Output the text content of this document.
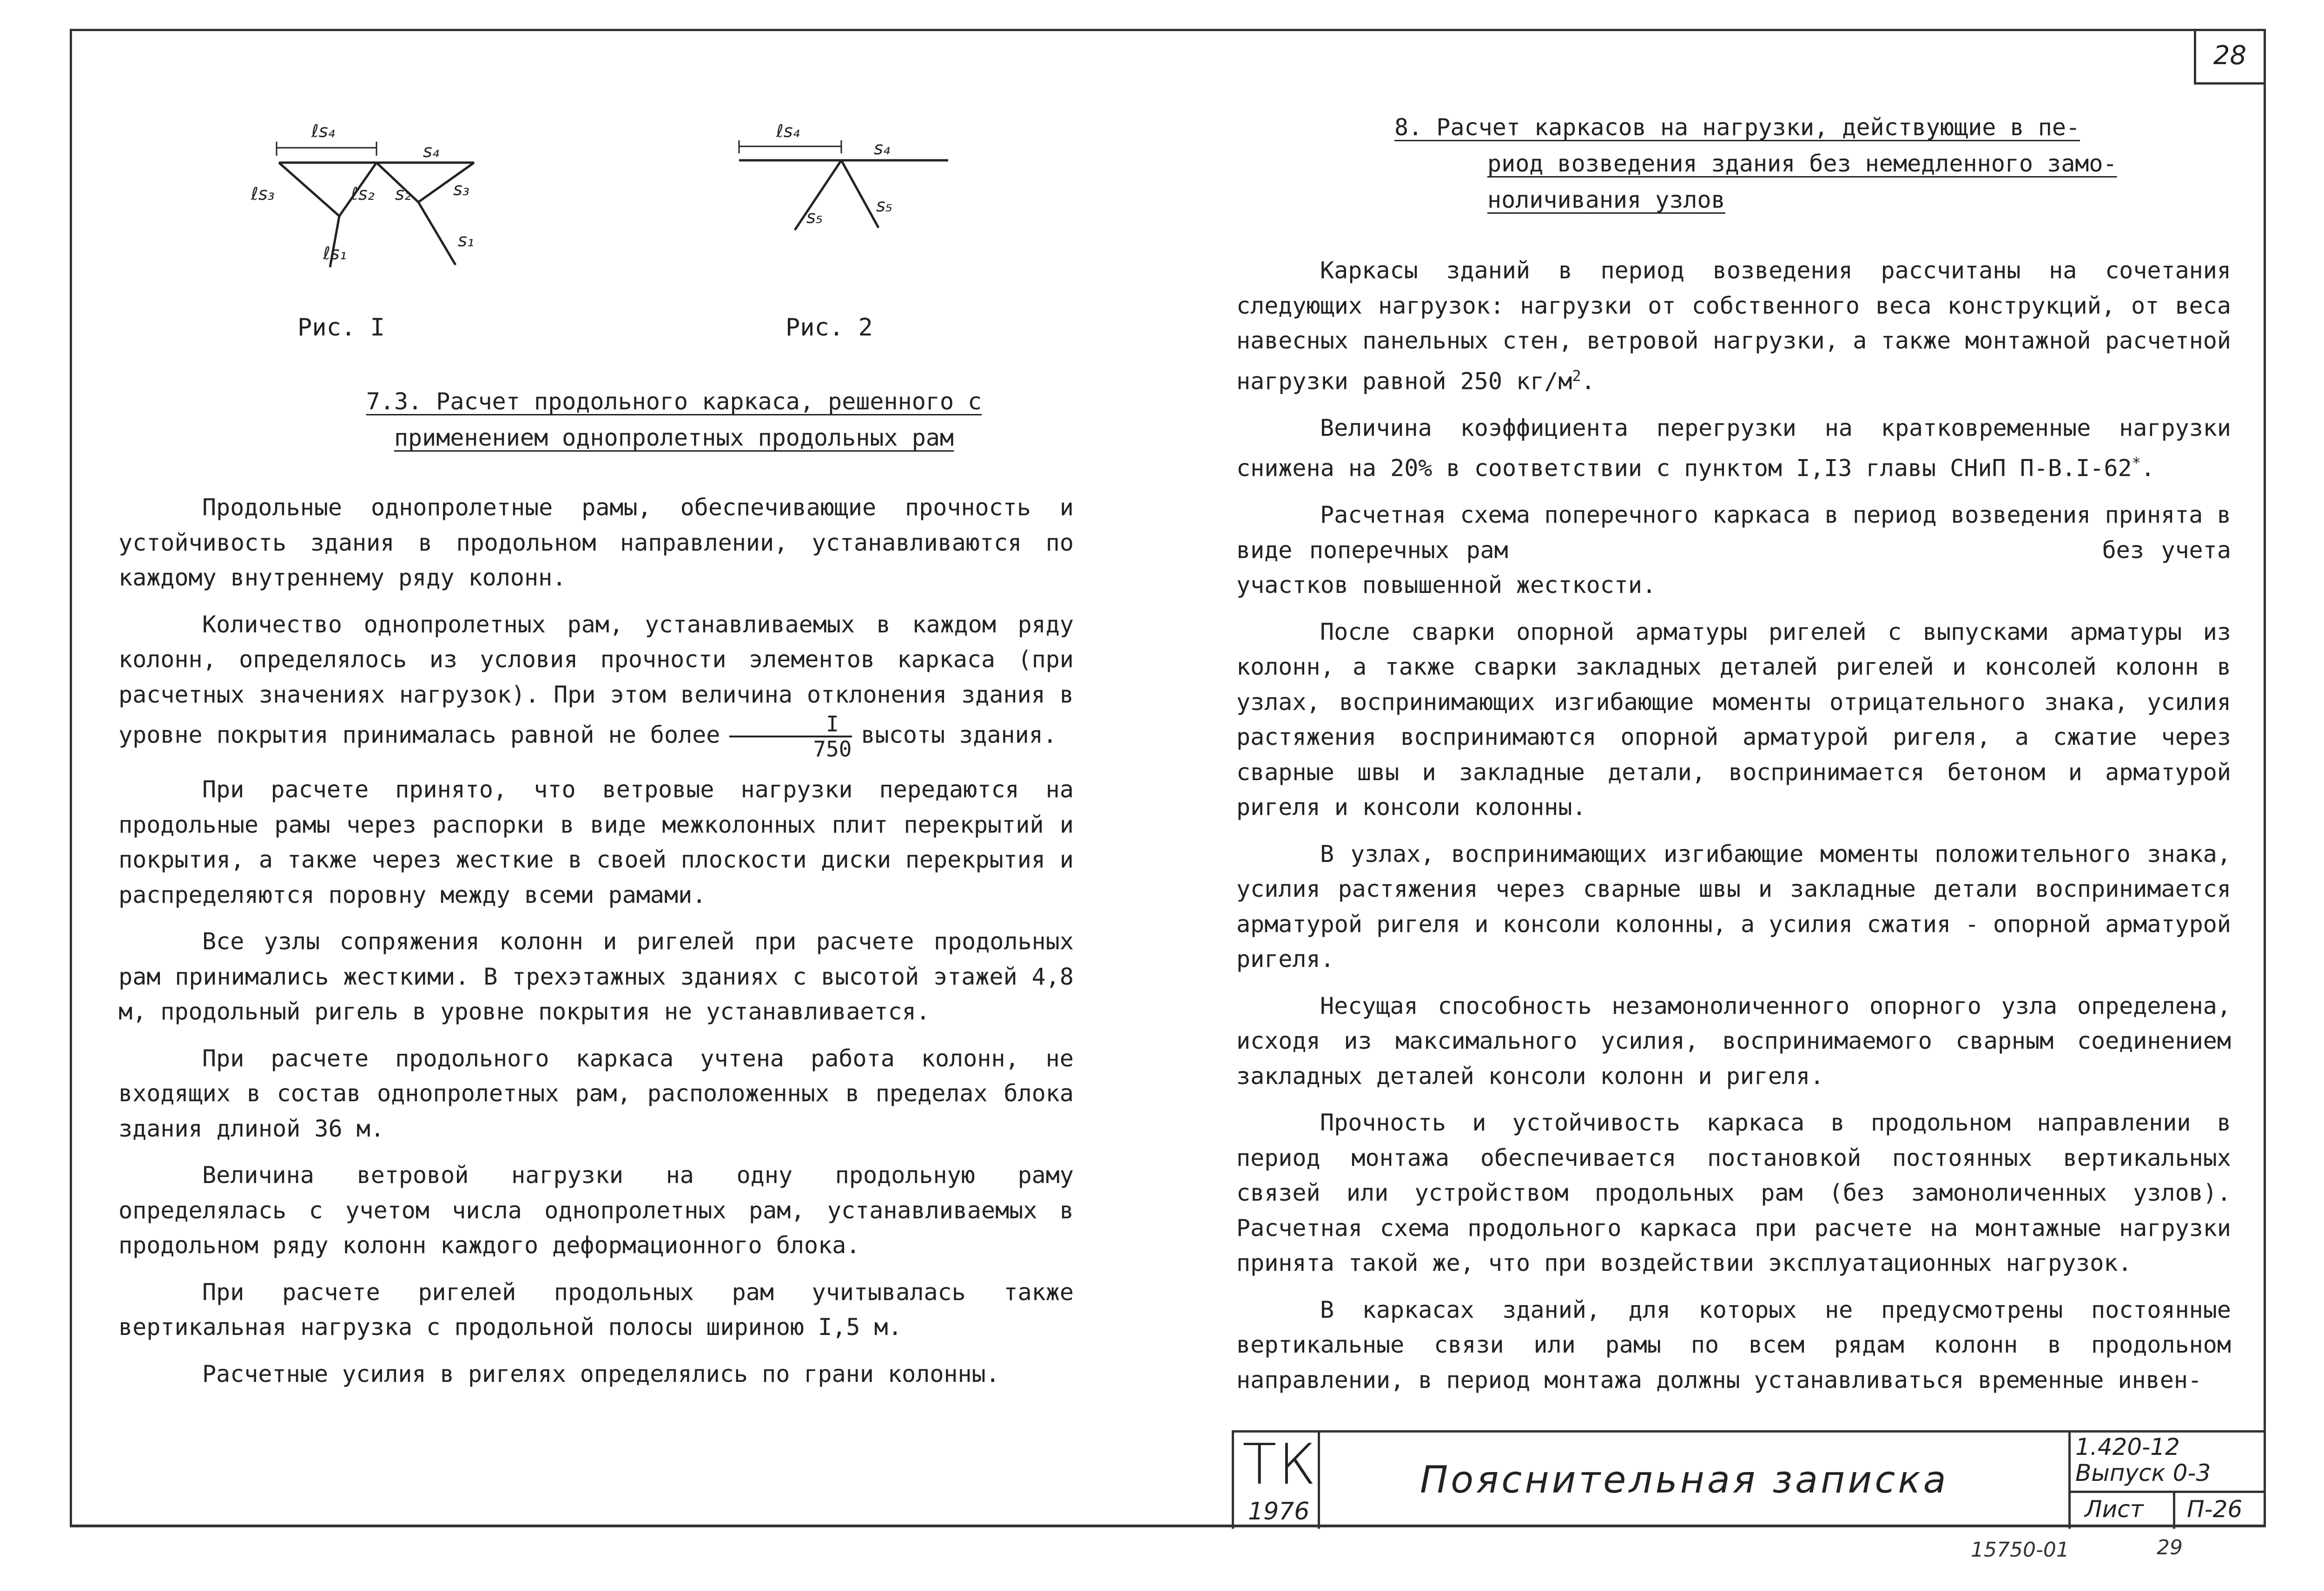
28
ℓs₄
s₄
ℓs₃	ℓs₂ s₂ s₃
ℓs₁
s₁
Рис. I
ℓs₄
s₄
s₅
s₅
Рис. 2
7.3. Расчет продольного каркаса, решенного с
применением однопролетных продольных рам

Продольные однопролетные рамы, обеспечивающие прочность и устойчивость здания в продольном направлении, устанавливаются по каждому внутреннему ряду колонн.

Количество однопролетных рам, устанавливаемых в каждом ряду колонн, определялось из условия прочности элементов каркаса (при расчетных значениях нагрузок). При этом величина отклонения здания в уровне покрытия принималась равной не более $\frac{I}{750}$ высоты здания.

При расчете принято, что ветровые нагрузки передаются на продольные рамы через распорки в виде межколонных плит перекрытий и покрытия, а также через жесткие в своей плоскости диски перекрытия и распределяются поровну между всеми рамами.

Все узлы сопряжения колонн и ригелей при расчете продольных рам принимались жесткими. В трехэтажных зданиях с высотой этажей 4,8 м, продольный ригель в уровне покрытия не устанавливается.

При расчете продольного каркаса учтена работа колонн, не входящих в состав однопролетных рам, расположенных в пределах блока здания длиной 36 м.

Величина ветровой нагрузки на одну продольную раму определялась с учетом числа однопролетных рам, устанавливаемых в продольном ряду колонн каждого деформационного блока.

При расчете ригелей продольных рам учитывалась также вертикальная нагрузка с продольной полосы шириною I,5 м.

Расчетные усилия в ригелях определялись по грани колонны.

8. Расчет каркасов на нагрузки, действующие в пе-
риод возведения здания без немедленного замо-
ноличивания узлов

Каркасы зданий в период возведения рассчитаны на сочетания следующих нагрузок: нагрузки от собственного веса конструкций, от веса навесных панельных стен, ветровой нагрузки, а также монтажной расчетной нагрузки равной 250 $кг/м^2$.

Величина коэффициента перегрузки на кратковременные нагрузки снижена на 20% в соответствии с пунктом I,I3 главы СНиП П-В.I-62*.

Расчетная схема поперечного каркаса в период возведения принята в виде поперечных рам                                   без учета участков повышенной жесткости.

После сварки опорной арматуры ригелей с выпусками арматуры из колонн, а также сварки закладных деталей ригелей и консолей колонн в узлах, воспринимающих изгибающие моменты отрицательного знака, усилия растяжения воспринимаются опорной арматурой ригеля, а сжатие через сварные швы и закладные детали, воспринимается бетоном и арматурой ригеля и консоли колонны.

В узлах, воспринимающих изгибающие моменты положительного знака, усилия растяжения через сварные швы и закладные детали воспринимается арматурой ригеля и консоли колонны, а усилия сжатия - опорной арматурой ригеля.

Несущая способность незамоноличенного опорного узла определена, исходя из максимального усилия, воспринимаемого сварным соединением закладных деталей консоли колонн и ригеля.

Прочность и устойчивость каркаса в продольном направлении в период монтажа обеспечивается постановкой постоянных вертикальных связей или устройством продольных рам (без замоноличенных узлов). Расчетная схема продольного каркаса при расчете на монтажные нагрузки принята такой же, что при воздействии эксплуатационных нагрузок.

В каркасах зданий, для которых не предусмотрены постоянные вертикальные связи или рамы по всем рядам колонн в продольном направлении, в период монтажа должны устанавливаться временные инвен-

ТК
1976
Пояснительная записка
1.420-12
Выпуск 0-3
Лист П-26
15750-01	29
